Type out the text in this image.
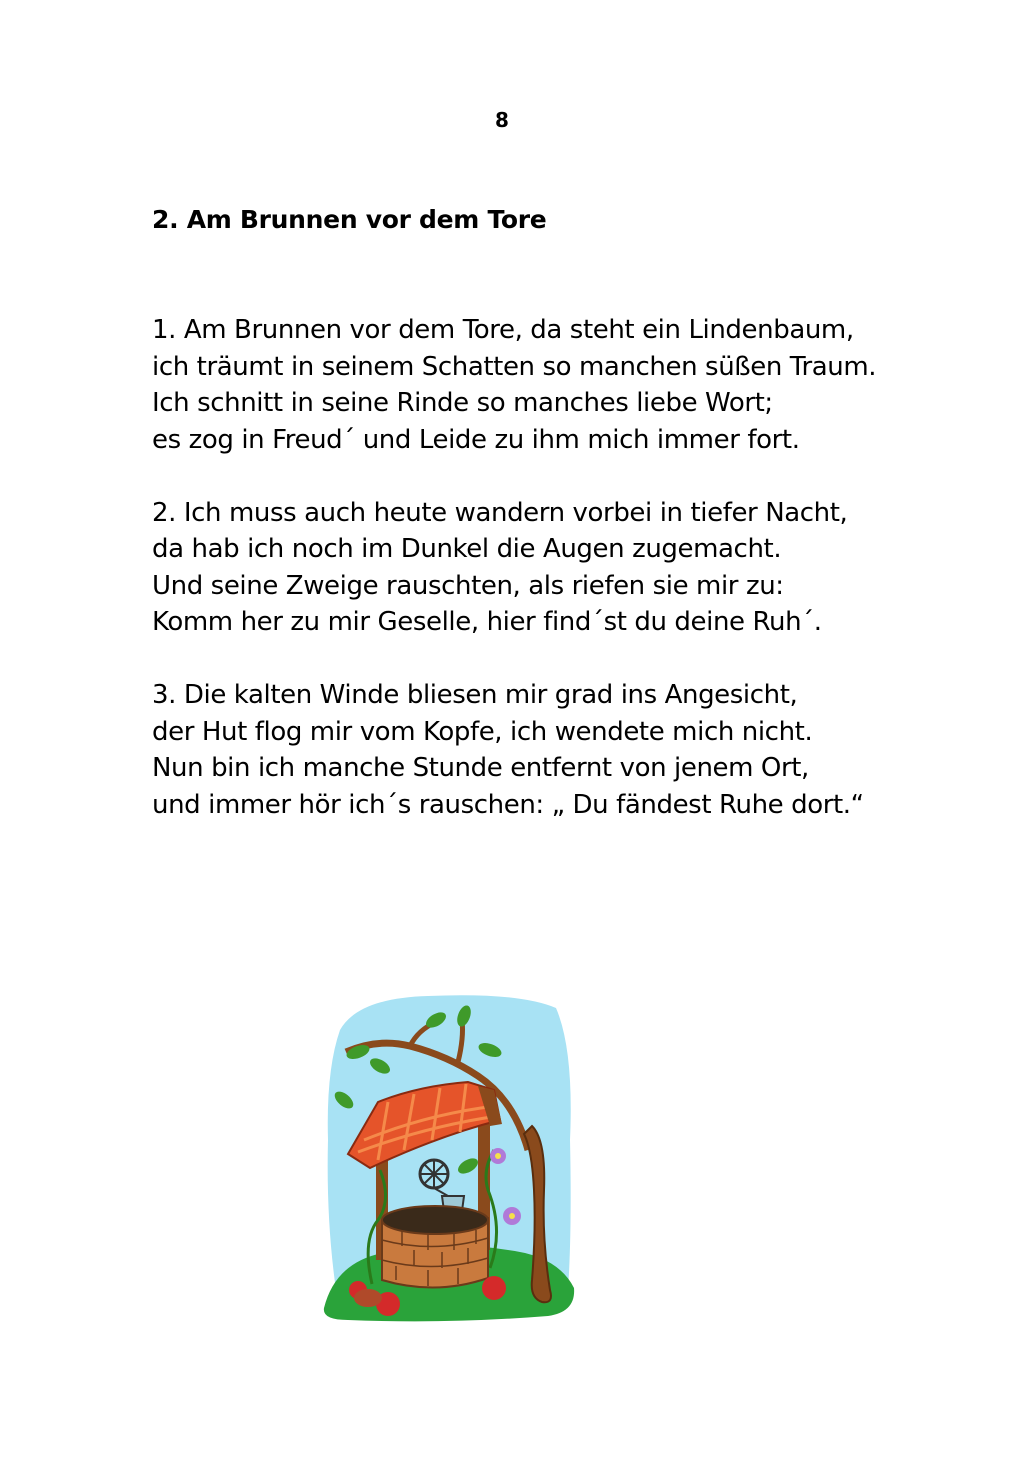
8
2. Am Brunnen vor dem Tore

1. Am Brunnen vor dem Tore, da steht ein Lindenbaum,
ich träumt in seinem Schatten so manchen süßen Traum.
Ich schnitt in seine Rinde so manches liebe Wort;
es zog in Freud´ und Leide zu ihm mich immer fort.

2. Ich muss auch heute wandern vorbei in tiefer Nacht,
da hab ich noch im Dunkel die Augen zugemacht.
Und seine Zweige rauschten, als riefen sie mir zu:
Komm her zu mir Geselle, hier find´st du deine Ruh´.

3. Die kalten Winde bliesen mir grad ins Angesicht,
der Hut flog mir vom Kopfe, ich wendete mich nicht.
Nun bin ich manche Stunde entfernt von jenem Ort,
und immer hör ich´s rauschen: „ Du fändest Ruhe dort.“
